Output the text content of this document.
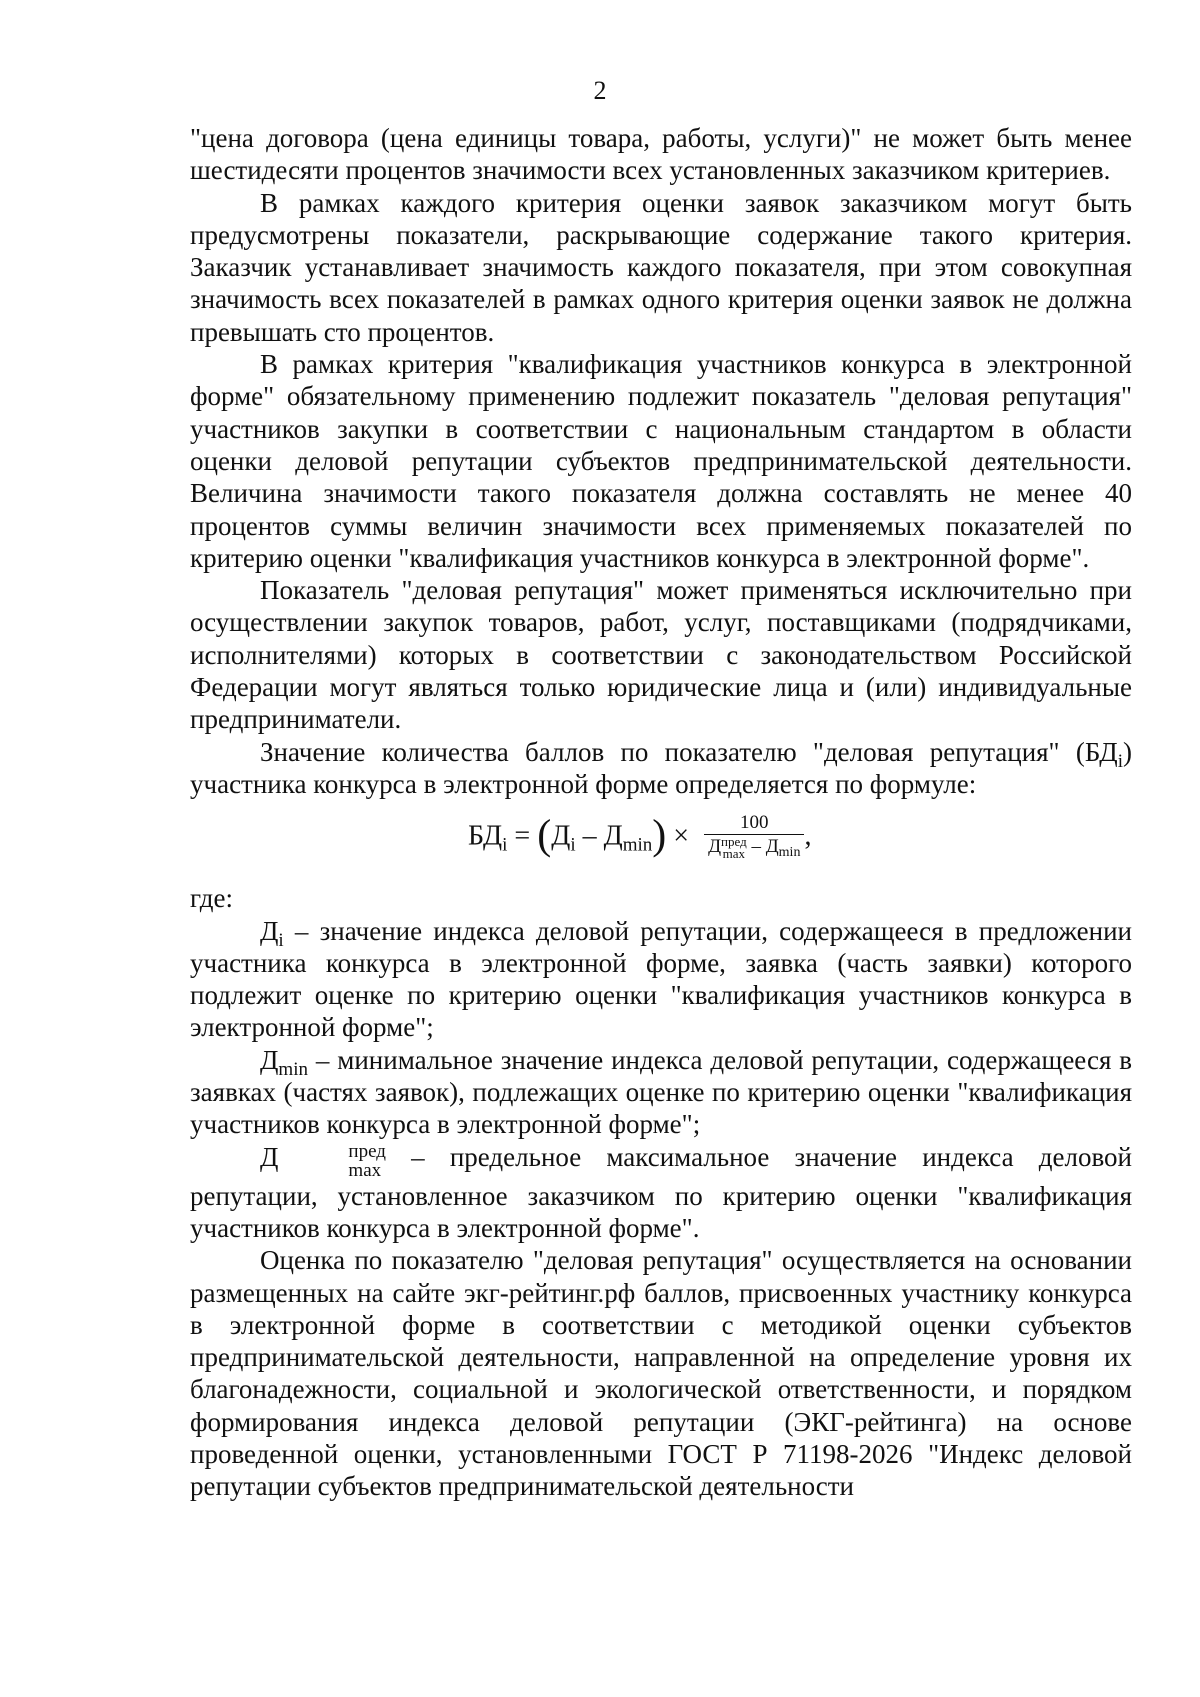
2

"цена договора (цена единицы товара, работы, услуги)" не может быть менее шестидесяти процентов значимости всех установленных заказчиком критериев.

В рамках каждого критерия оценки заявок заказчиком могут быть предусмотрены показатели, раскрывающие содержание такого критерия. Заказчик устанавливает значимость каждого показателя, при этом совокупная значимость всех показателей в рамках одного критерия оценки заявок не должна превышать сто процентов.

В рамках критерия "квалификация участников конкурса в электронной форме" обязательному применению подлежит показатель "деловая репутация" участников закупки в соответствии с национальным стандартом в области оценки деловой репутации субъектов предпринимательской деятельности. Величина значимости такого показателя должна составлять не менее 40 процентов суммы величин значимости всех применяемых показателей по критерию оценки "квалификация участников конкурса в электронной форме".

Показатель "деловая репутация" может применяться исключительно при осуществлении закупок товаров, работ, услуг, поставщиками (подрядчиками, исполнителями) которых в соответствии с законодательством Российской Федерации могут являться только юридические лица и (или) индивидуальные предприниматели.

Значение количества баллов по показателю "деловая репутация" $(БД_i)$ участника конкурса в электронной форме определяется по формуле:

$БД_i = (Д_i - Д_{min}) \times 100$
Д пред
max – $Д_{min}$ ,

где:

$Д_i$ – значение индекса деловой репутации, содержащееся в предложении участника конкурса в электронной форме, заявка (часть заявки) которого подлежит оценке по критерию оценки "квалификация участников конкурса в электронной форме";

$Д_{min}$ – минимальное значение индекса деловой репутации, содержащееся в заявках (частях заявок), подлежащих оценке по критерию оценки "квалификация участников конкурса в электронной форме";

Д	пред
max – предельное максимальное значение индекса деловой репутации, установленное заказчиком по критерию оценки "квалификация участников конкурса в электронной форме".

Оценка по показателю "деловая репутация" осуществляется на основании размещенных на сайте экг-рейтинг.рф баллов, присвоенных участнику конкурса в электронной форме в соответствии с методикой оценки субъектов предпринимательской деятельности, направленной на определение уровня их благонадежности, социальной и экологической ответственности, и порядком формирования индекса деловой репутации (ЭКГ-рейтинга) на основе проведенной оценки, установленными ГОСТ Р 71198-2026 "Индекс деловой репутации субъектов предпринимательской деятельности
